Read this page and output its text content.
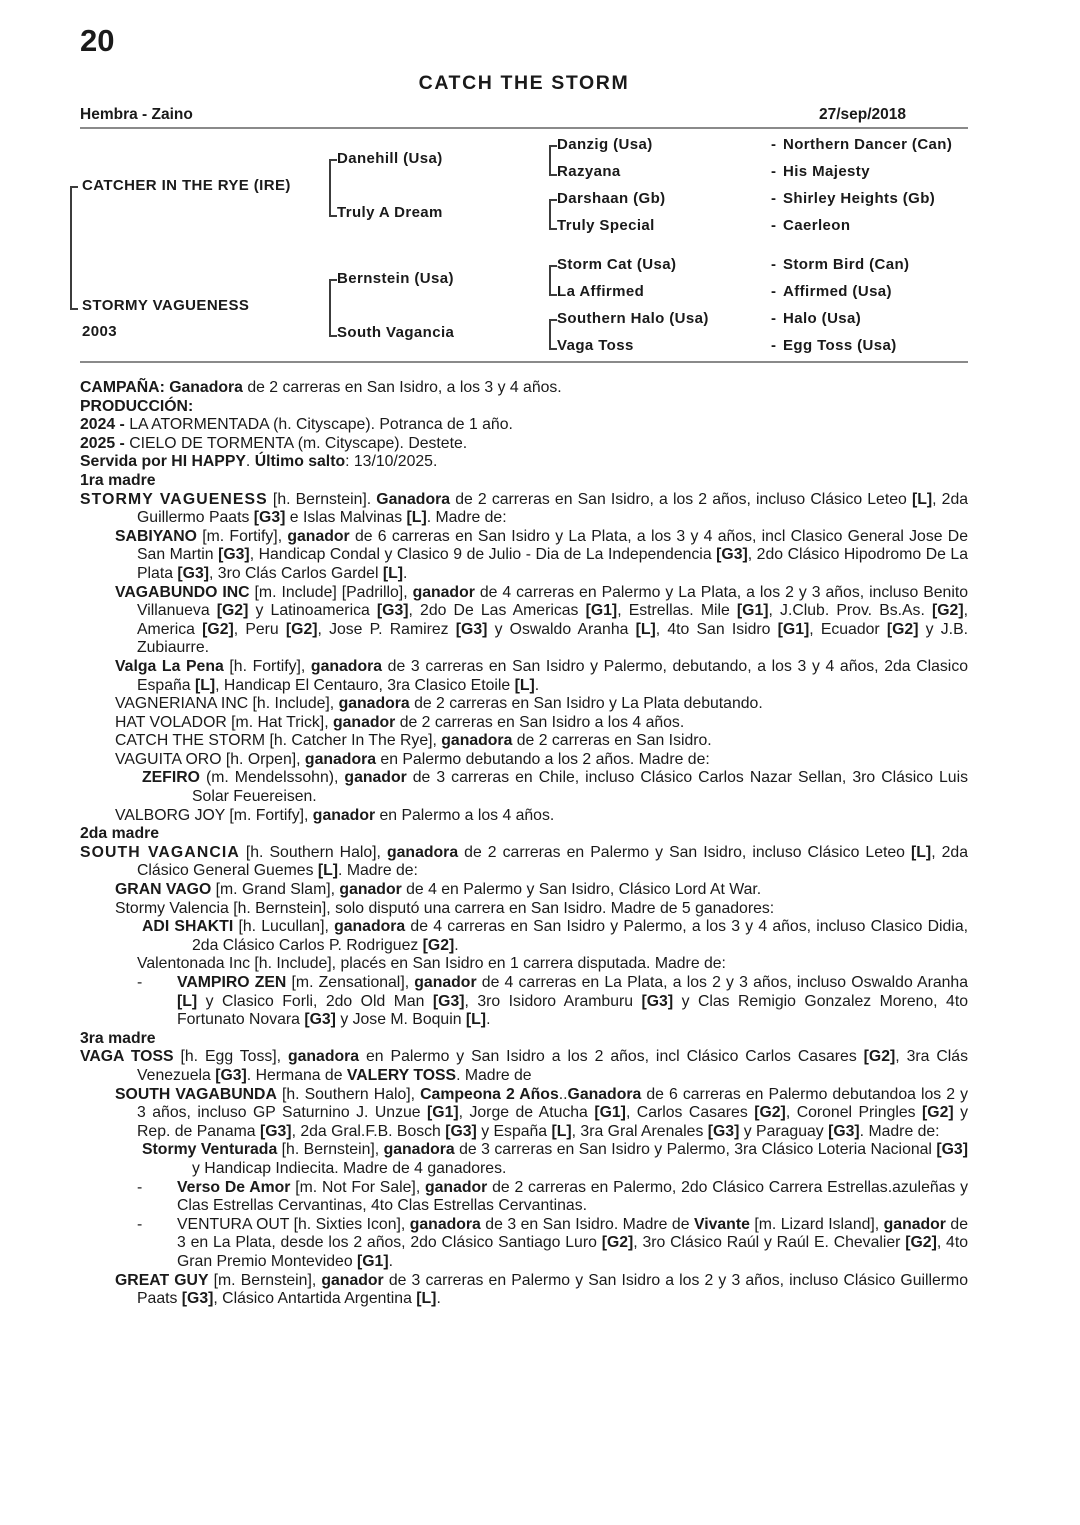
20
CATCH THE STORM
Hembra - Zaino	27/sep/2018
CATCHER IN THE RYE (IRE)
STORMY VAGUENESS
2003
Danehill (Usa)
Truly A Dream
Bernstein (Usa)
South Vagancia
Danzig (Usa)
Razyana
Darshaan (Gb)
Truly Special
Storm Cat (Usa)
La Affirmed
Southern Halo (Usa)
Vaga Toss
- Northern Dancer (Can)
- His Majesty
- Shirley Heights (Gb)
- Caerleon
- Storm Bird (Can)
- Affirmed (Usa)
- Halo (Usa)
- Egg Toss (Usa)

CAMPAÑA: Ganadora de 2 carreras en San Isidro, a los 3 y 4 años.

PRODUCCIÓN:

2024 - LA ATORMENTADA (h. Cityscape). Potranca de 1 año.

2025 - CIELO DE TORMENTA (m. Cityscape). Destete.

Servida por HI HAPPY. Último salto: 13/10/2025.

1ra madre

STORMY VAGUENESS [h. Bernstein]. Ganadora de 2 carreras en San Isidro, a los 2 años, incluso Clásico Leteo [L], 2da Guillermo Paats [G3] e Islas Malvinas [L]. Madre de:

SABIYANO [m. Fortify], ganador de 6 carreras en San Isidro y La Plata, a los 3 y 4 años, incl Clasico General Jose De San Martin [G3], Handicap Condal y Clasico 9 de Julio - Dia de La Independencia [G3], 2do Clásico Hipodromo De La Plata [G3], 3ro Clás Carlos Gardel [L].

VAGABUNDO INC [m. Include] [Padrillo], ganador de 4 carreras en Palermo y La Plata, a los 2 y 3 años, incluso Benito Villanueva [G2] y Latinoamerica [G3], 2do De Las Americas [G1], Estrellas. Mile [G1], J.Club. Prov. Bs.As. [G2], America [G2], Peru [G2], Jose P. Ramirez [G3] y Oswaldo Aranha [L], 4to San Isidro [G1], Ecuador [G2] y J.B. Zubiaurre.

Valga La Pena [h. Fortify], ganadora de 3 carreras en San Isidro y Palermo, debutando, a los 3 y 4 años, 2da Clasico España [L], Handicap El Centauro, 3ra Clasico Etoile [L].

VAGNERIANA INC [h. Include], ganadora de 2 carreras en San Isidro y La Plata debutando.

HAT VOLADOR [m. Hat Trick], ganador de 2 carreras en San Isidro a los 4 años.

CATCH THE STORM [h. Catcher In The Rye], ganadora de 2 carreras en San Isidro.

VAGUITA ORO [h. Orpen], ganadora en Palermo debutando a los 2 años. Madre de:

ZEFIRO (m. Mendelssohn), ganador de 3 carreras en Chile, incluso Clásico Carlos Nazar Sellan, 3ro Clásico Luis Solar Feuereisen.

VALBORG JOY [m. Fortify], ganador en Palermo a los 4 años.

2da madre

SOUTH VAGANCIA [h. Southern Halo], ganadora de 2 carreras en Palermo y San Isidro, incluso Clásico Leteo [L], 2da Clásico General Guemes [L]. Madre de:

GRAN VAGO [m. Grand Slam], ganador de 4 en Palermo y San Isidro, Clásico Lord At War.

Stormy Valencia [h. Bernstein], solo disputó una carrera en San Isidro. Madre de 5 ganadores:

ADI SHAKTI [h. Lucullan], ganadora de 4 carreras en San Isidro y Palermo, a los 3 y 4 años, incluso Clasico Didia, 2da Clásico Carlos P. Rodriguez [G2].

Valentonada Inc [h. Include], placés en San Isidro en 1 carrera disputada. Madre de:

- VAMPIRO ZEN [m. Zensational], ganador de 4 carreras en La Plata, a los 2 y 3 años, incluso Oswaldo Aranha [L] y Clasico Forli, 2do Old Man [G3], 3ro Isidoro Aramburu [G3] y Clas Remigio Gonzalez Moreno, 4to Fortunato Novara [G3] y Jose M. Boquin [L].

3ra madre

VAGA TOSS [h. Egg Toss], ganadora en Palermo y San Isidro a los 2 años, incl Clásico Carlos Casares [G2], 3ra Clás Venezuela [G3]. Hermana de VALERY TOSS. Madre de

SOUTH VAGABUNDA [h. Southern Halo], Campeona 2 Años..Ganadora de 6 carreras en Palermo debutandoa los 2 y 3 años, incluso GP Saturnino J. Unzue [G1], Jorge de Atucha [G1], Carlos Casares [G2], Coronel Pringles [G2] y Rep. de Panama [G3], 2da Gral.F.B. Bosch [G3] y España [L], 3ra Gral Arenales [G3] y Paraguay [G3]. Madre de:

Stormy Venturada [h. Bernstein], ganadora de 3 carreras en San Isidro y Palermo, 3ra Clásico Loteria Nacional [G3] y Handicap Indiecita. Madre de 4 ganadores.

- Verso De Amor [m. Not For Sale], ganador de 2 carreras en Palermo, 2do Clásico Carrera Estrellas.azuleñas y Clas Estrellas Cervantinas, 4to Clas Estrellas Cervantinas.

- VENTURA OUT [h. Sixties Icon], ganadora de 3 en San Isidro. Madre de Vivante [m. Lizard Island], ganador de 3 en La Plata, desde los 2 años, 2do Clásico Santiago Luro [G2], 3ro Clásico Raúl y Raúl E. Chevalier [G2], 4to Gran Premio Montevideo [G1].

GREAT GUY [m. Bernstein], ganador de 3 carreras en Palermo y San Isidro a los 2 y 3 años, incluso Clásico Guillermo Paats [G3], Clásico Antartida Argentina [L].
